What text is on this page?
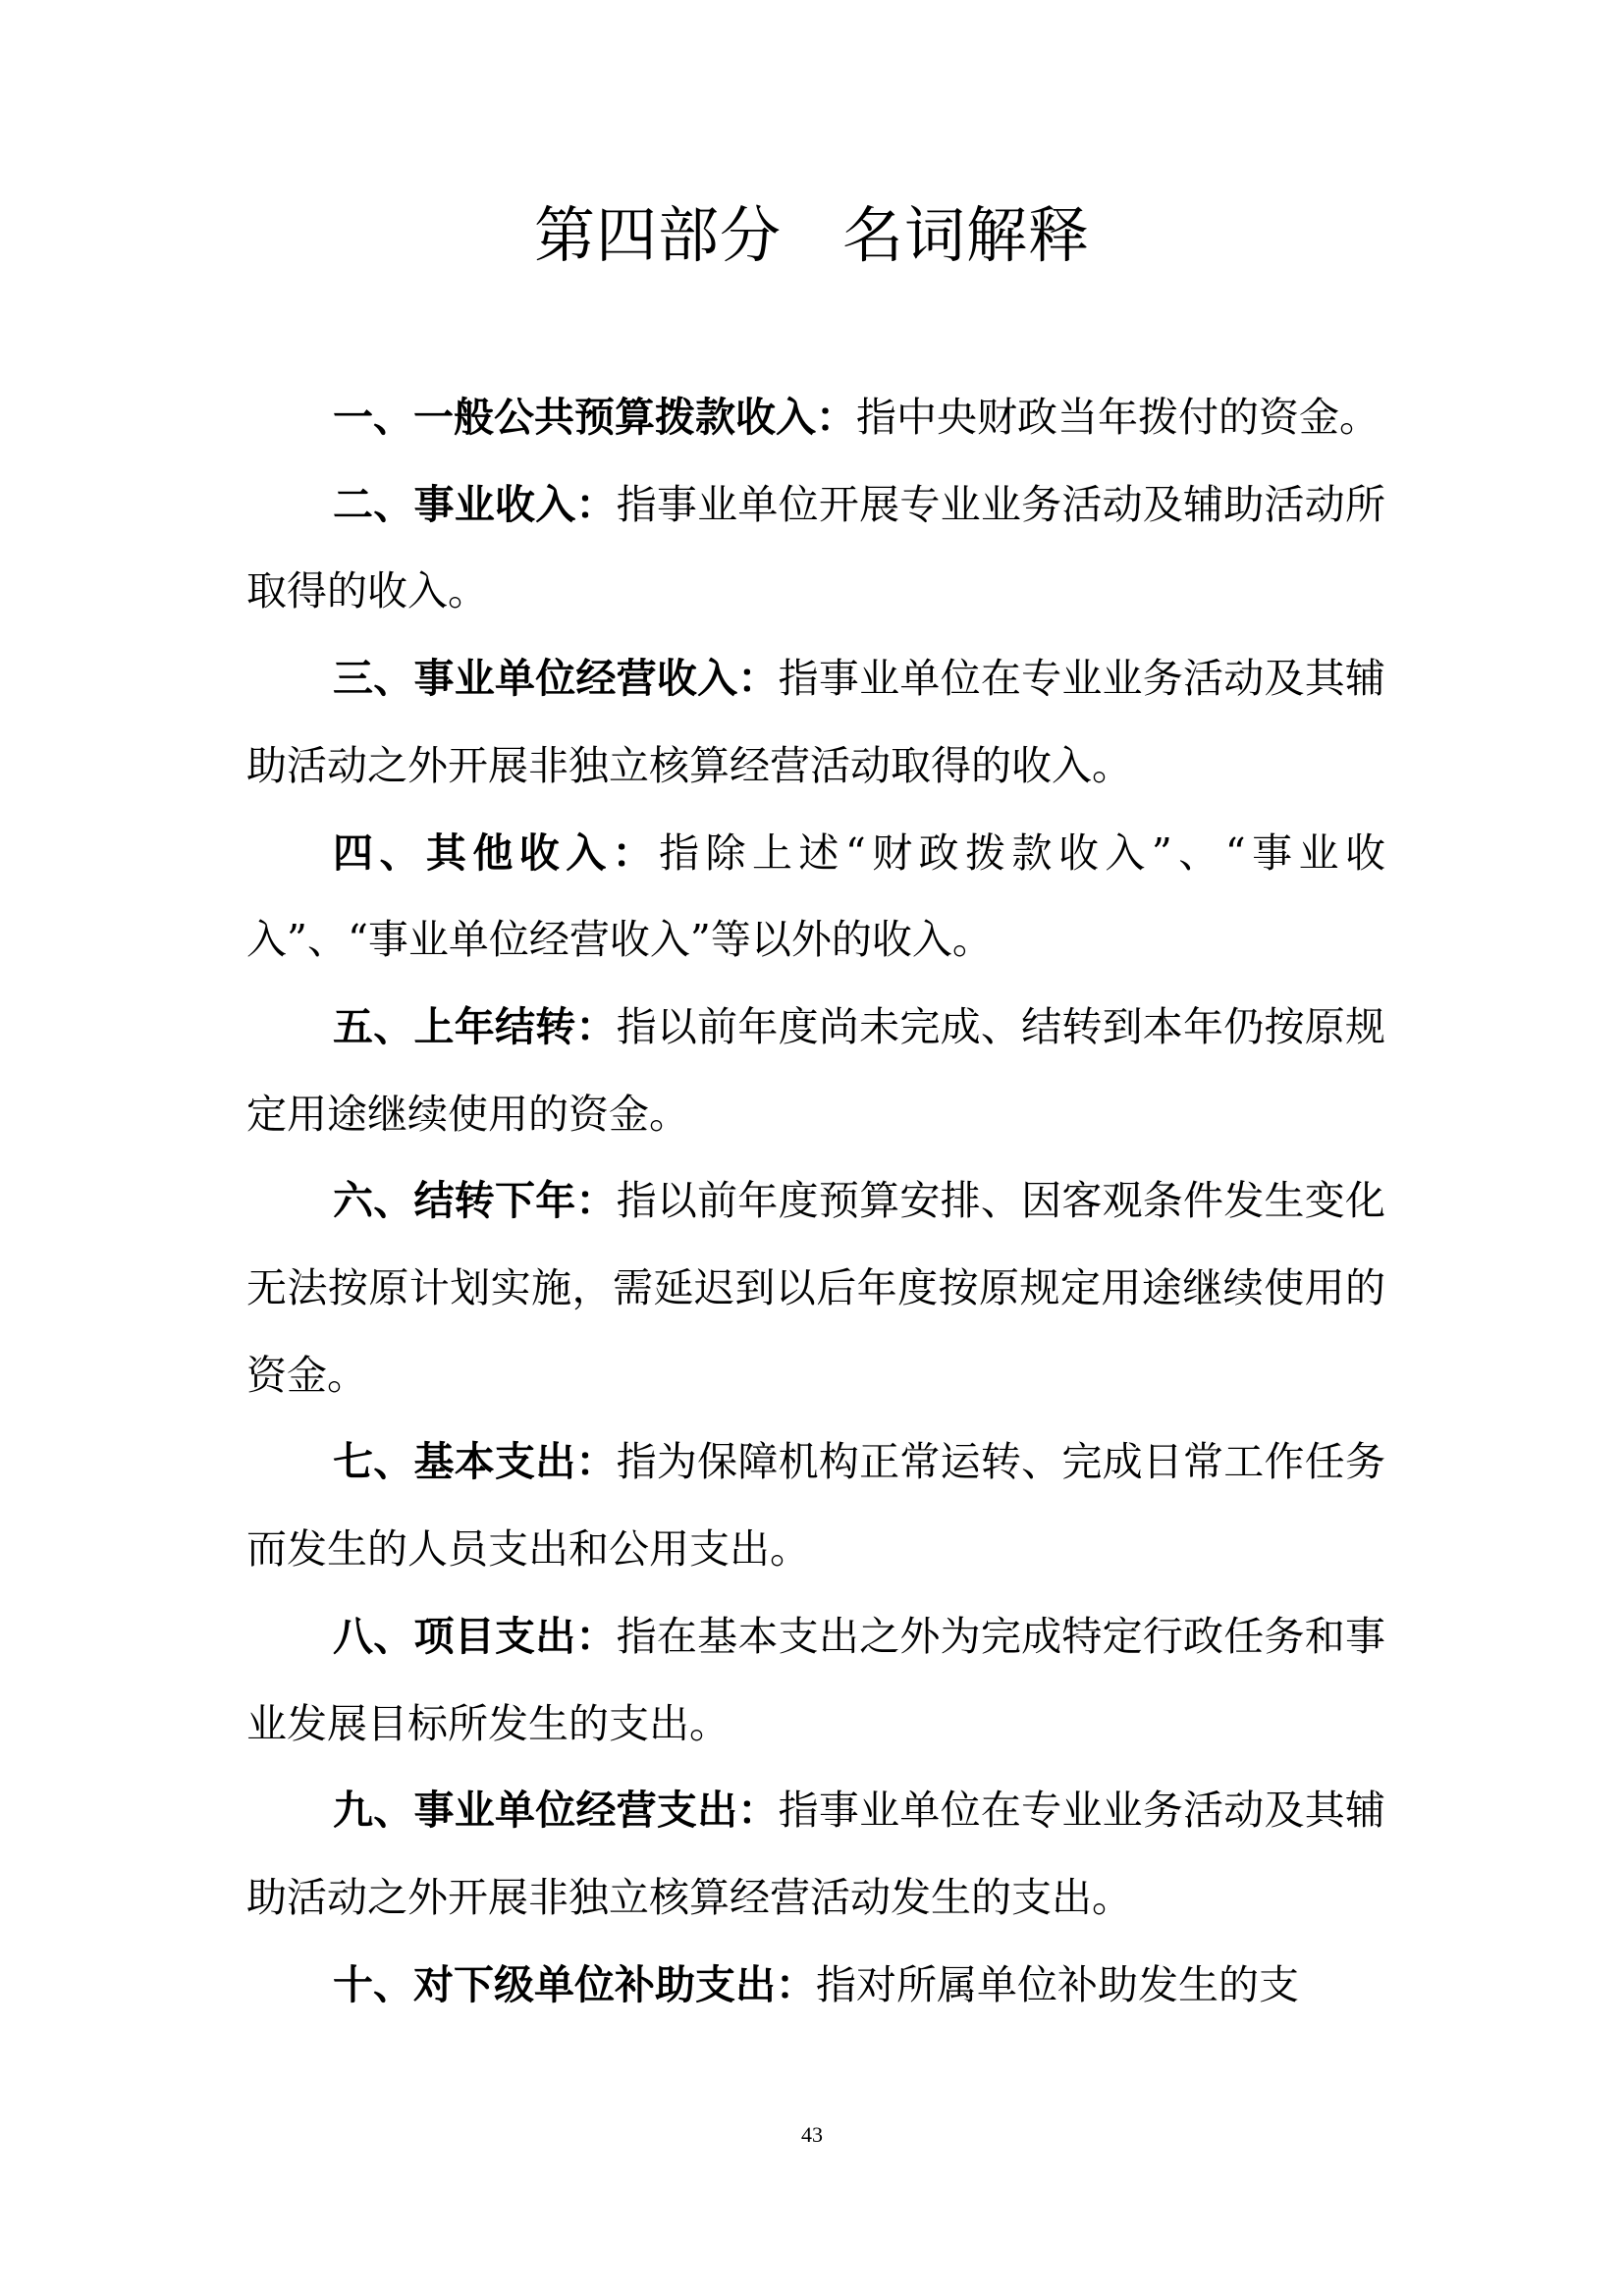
第四部分 名词解释

一、一般公共预算拨款收入：指中央财政当年拨付的资金。

二、事业收入：指事业单位开展专业业务活动及辅助活动所取得的收入。

三、事业单位经营收入：指事业单位在专业业务活动及其辅助活动之外开展非独立核算经营活动取得的收入。

四、其他收入：指除上述“财政拨款收入”、“事业收入”、“事业单位经营收入”等以外的收入。

五、上年结转：指以前年度尚未完成、结转到本年仍按原规定用途继续使用的资金。

六、结转下年：指以前年度预算安排、因客观条件发生变化无法按原计划实施，需延迟到以后年度按原规定用途继续使用的资金。

七、基本支出：指为保障机构正常运转、完成日常工作任务而发生的人员支出和公用支出。

八、项目支出：指在基本支出之外为完成特定行政任务和事业发展目标所发生的支出。

九、事业单位经营支出：指事业单位在专业业务活动及其辅助活动之外开展非独立核算经营活动发生的支出。

十、对下级单位补助支出：指对所属单位补助发生的支

43
